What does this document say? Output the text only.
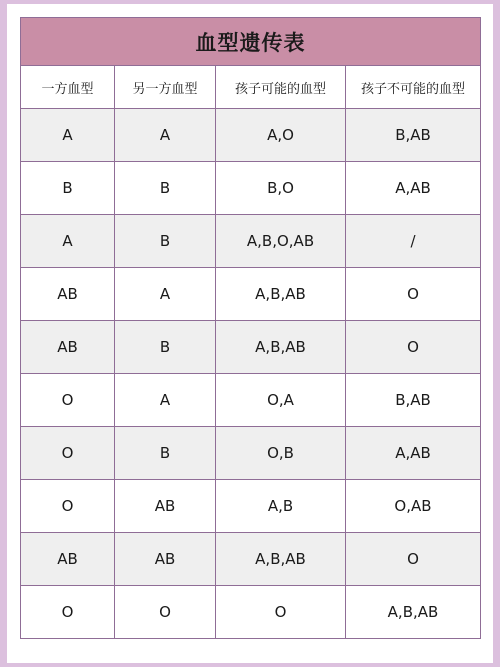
血型遗传表			
一方血型	另一方血型	孩子可能的血型	孩子不可能的血型
A	A	A,O	B,AB
B	B	B,O	A,AB
A	B	A,B,O,AB	/
AB	A	A,B,AB	O
AB	B	A,B,AB	O
O	A	O,A	B,AB
O	B	O,B	A,AB
O	AB	A,B	O,AB
AB	AB	A,B,AB	O
O	O	O	A,B,AB
